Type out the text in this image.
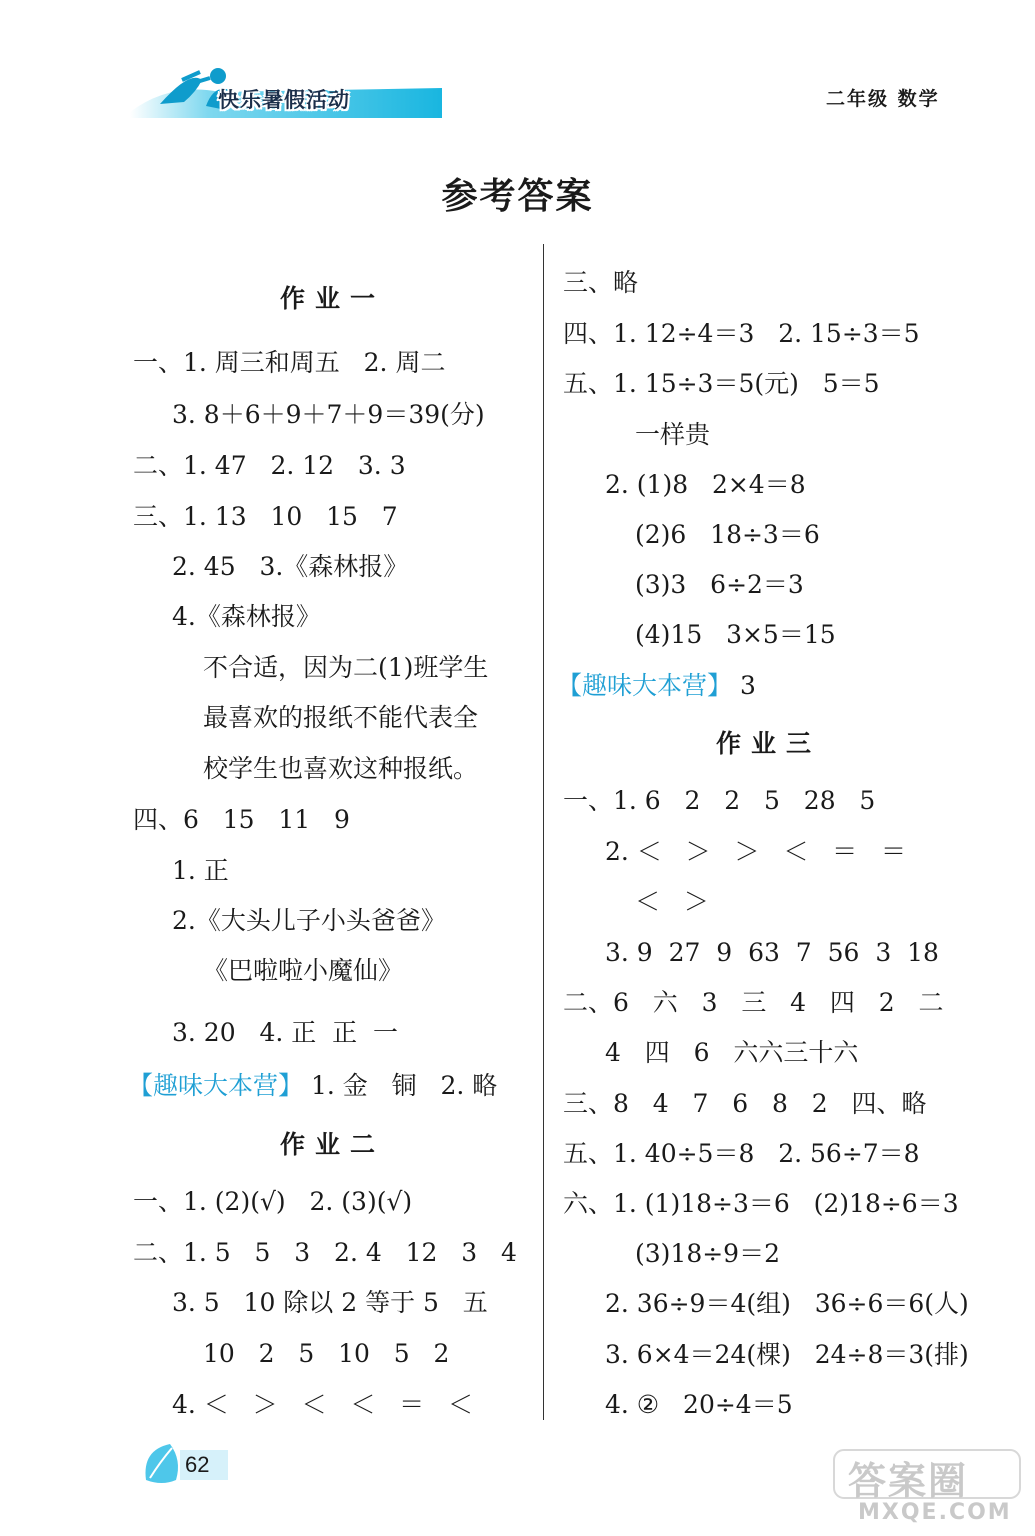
快乐暑假活动	二年级 数学
参考答案
作业一
一、1. 周三和周五   2. 周二
3. 8＋6＋9＋7＋9＝39(分)
二、1. 47   2. 12   3. 3
三、1. 13   10   15   7
2. 45   3.《森林报》
4.《森林报》
不合适，因为二(1)班学生
最喜欢的报纸不能代表全
校学生也喜欢这种报纸。
四、6   15   11   9
1. 正
2.《大头儿子小头爸爸》
《巴啦啦小魔仙》
3. 20   4. 正  正  一
【趣味大本营】 1. 金   铜   2. 略
作业二
一、1. (2)(√)   2. (3)(√)
二、1. 5   5   3   2. 4   12   3   4
3. 5   10 除以 2 等于 5   五
10   2   5   10   5   2
4. ＜   ＞   ＜   ＜   ＝   ＜
三、略
四、1. 12÷4＝3   2. 15÷3＝5
五、1. 15÷3＝5(元)   5＝5
一样贵
2. (1)8   2×4＝8
(2)6   18÷3＝6
(3)3   6÷2＝3
(4)15   3×5＝15
【趣味大本营】 3
作业三
一、1. 6   2   2   5   28   5
2. ＜   ＞   ＞   ＜   ＝   ＝
＜   ＞
3. 9  27  9  63  7  56  3  18
二、6   六   3   三   4   四   2   二
4   四   6   六六三十六
三、8   4   7   6   8   2   四、略
五、1. 40÷5＝8   2. 56÷7＝8
六、1. (1)18÷3＝6   (2)18÷6＝3
(3)18÷9＝2
2. 36÷9＝4(组)   36÷6＝6(人)
3. 6×4＝24(棵)   24÷8＝3(排)
4. ②   20÷4＝5
62	答案圈
MXQE.COM
